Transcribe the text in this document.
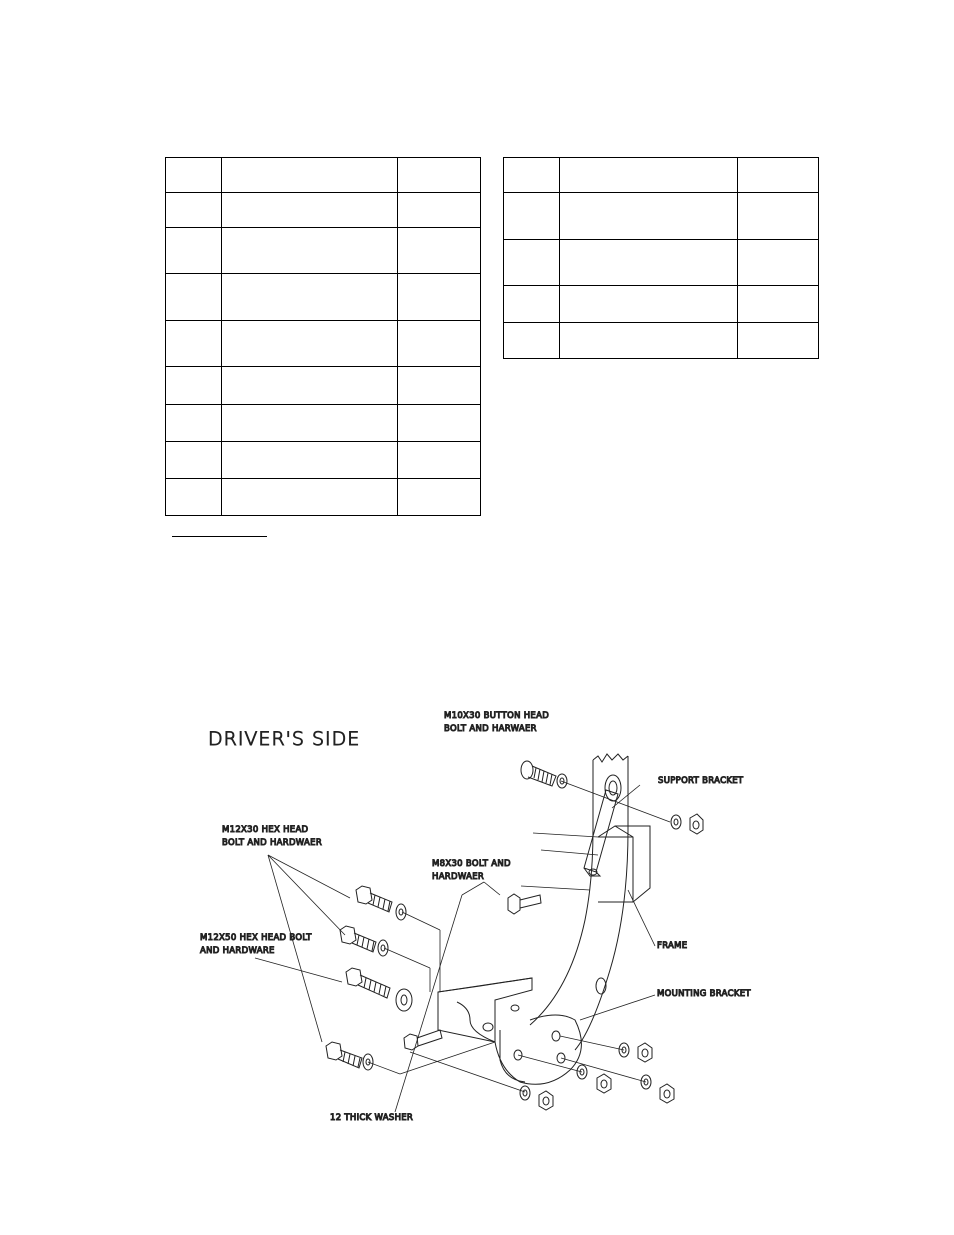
DRIVER'S SIDE
M10X30 BUTTON HEAD
BOLT AND HARWAER
SUPPORT BRACKET
M12X30 HEX HEAD
BOLT AND HARDWAER
M8X30 BOLT AND
HARDWAER
FRAME
M12X50 HEX HEAD BOLT
AND HARDWARE
MOUNTING BRACKET
12 THICK WASHER
